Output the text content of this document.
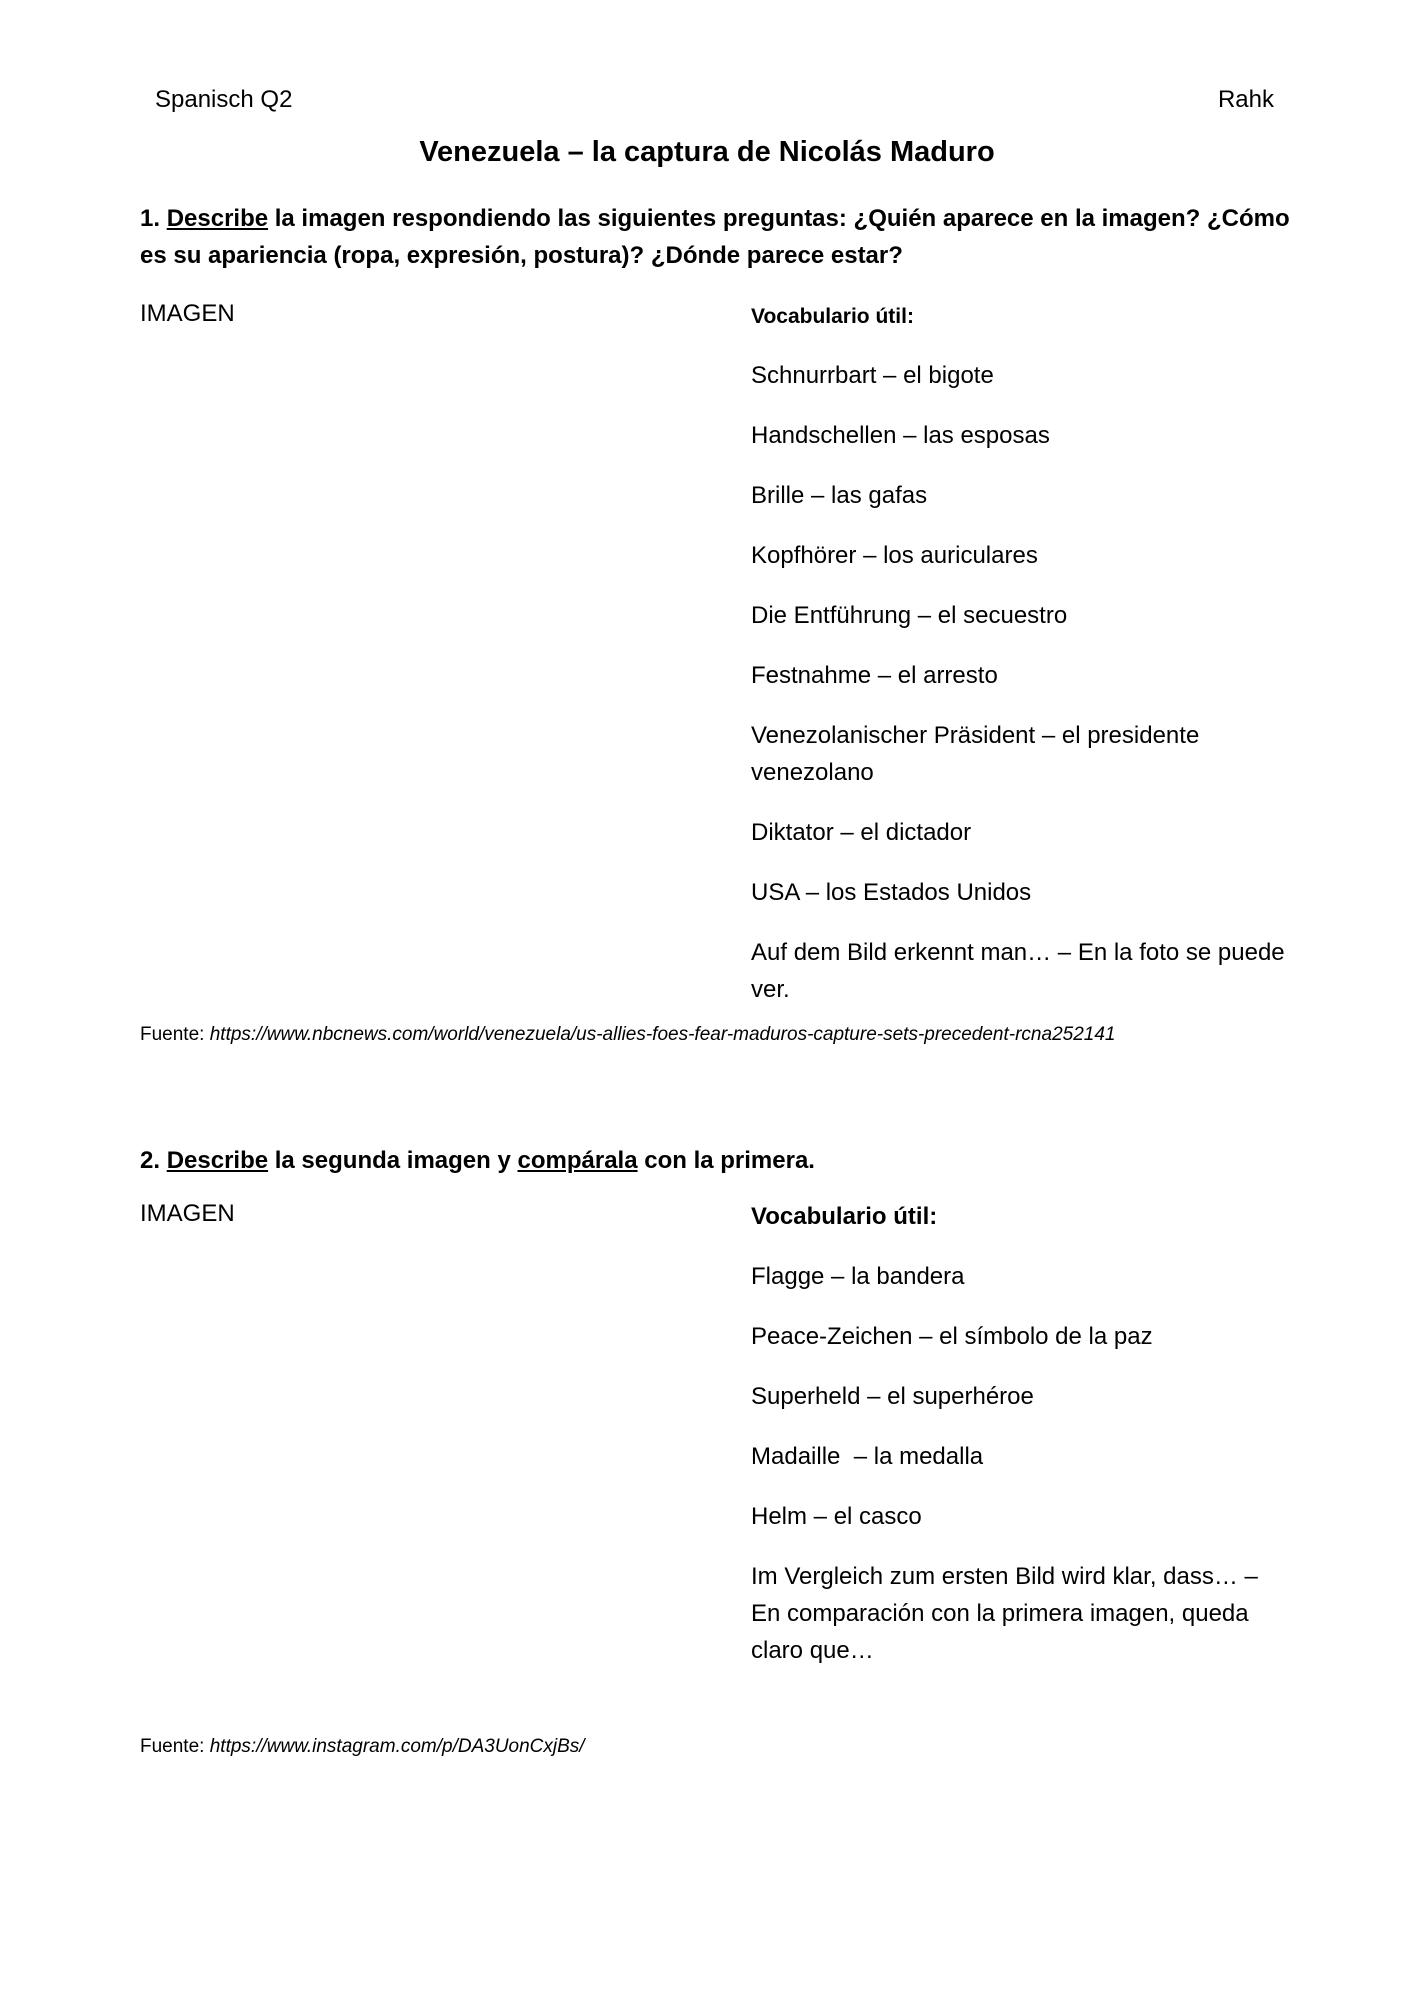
Spanisch Q2	Rahk
Venezuela – la captura de Nicolás Maduro
1. Describe la imagen respondiendo las siguientes preguntas: ¿Quién aparece en la imagen? ¿Cómo es su apariencia (ropa, expresión, postura)? ¿Dónde parece estar?
IMAGEN	Vocabulario útil:
Schnurrbart – el bigote
Handschellen – las esposas
Brille – las gafas
Kopfhörer – los auriculares
Die Entführung – el secuestro
Festnahme – el arresto
Venezolanischer Präsident – el presidente venezolano
Diktator – el dictador
USA – los Estados Unidos
Auf dem Bild erkennt man… – En la foto se puede ver.
Fuente: https://www.nbcnews.com/world/venezuela/us-allies-foes-fear-maduros-capture-sets-precedent-rcna252141
2. Describe la segunda imagen y compárala con la primera.
IMAGEN	Vocabulario útil:
Flagge – la bandera
Peace-Zeichen – el símbolo de la paz
Superheld – el superhéroe
Madaille  – la medalla
Helm – el casco
Im Vergleich zum ersten Bild wird klar, dass… – En comparación con la primera imagen, queda claro que…
Fuente: https://www.instagram.com/p/DA3UonCxjBs/
